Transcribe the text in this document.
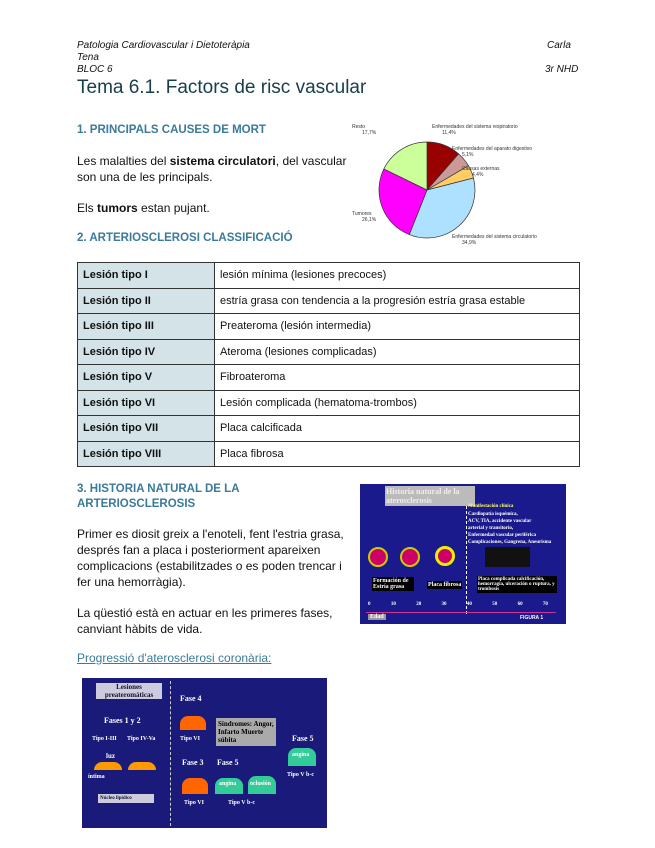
Patologia Cardiovascular i Dietoteràpia	Carla
Tena
BLOC 6	3r NHD
Tema 6.1. Factors de risc vascular
1. PRINCIPALS CAUSES DE MORT
Les malalties del sistema circulatori, del vascular son una de les principals.
Els tumors estan pujant.
Enfermedades del sistema respiratorio 11,4%
Enfermedades del aparato digestivo 5,1%
Causas externas 4,4%
Enfermedades del sistema circulatorio 34,9%
Tumores 26,1%
Resto 17,7%
2. ARTERIOSCLEROSI CLASSIFICACIÓ
Lesión tipo I	lesión mínima (lesiones precoces)
Lesión tipo II	estría grasa con tendencia a la progresión estría grasa estable
Lesión tipo III	Preateroma (lesión intermedia)
Lesión tipo IV	Ateroma (lesiones complicadas)
Lesión tipo V	Fibroateroma
Lesión tipo VI	Lesión complicada (hematoma-trombos)
Lesión tipo VII	Placa calcificada
Lesión tipo VIII	Placa fibrosa
3. HISTORIA NATURAL DE LA ARTERIOSCLEROSIS
Primer es diosit greix a l'enoteli, fent l'estria grasa, després fan a placa i posteriorment apareixen complicacions (estabilitzades o es poden trencar i fer una hemorràgia).
La qüestió està en actuar en les primeres fases, canviant hàbits de vida.
Progressió d'aterosclerosi coronària:
Historia natural de la aterosclerosis
Manifestación clínica
Cardiopatía isquémica,
ACV, TIA, accidente vascular
arterial y transitorio,
Enfermedad vascular periférica
Complicaciones, Gangrena, Aneurisma
Formación de Estría grasa	Placa fibrosa
Placa complicada calcificación, hemorragia, ulceración o ruptura, y trombosis
0	10	20	30	40	50	60	70
Edad	FIGURA 1
Lesiones preateromáticas
Fases 1 y 2
Tipo I-III Tipo IV-Va
luz
íntima
Núcleo lipídico
Fase 4
Tipo VI
Síndromes: Angor, Infarto Muerte súbita
Fase 3 Fase 5
angina oclusión
Tipo VI	Tipo V b-c
Fase 5
angina
Tipo V b-c
